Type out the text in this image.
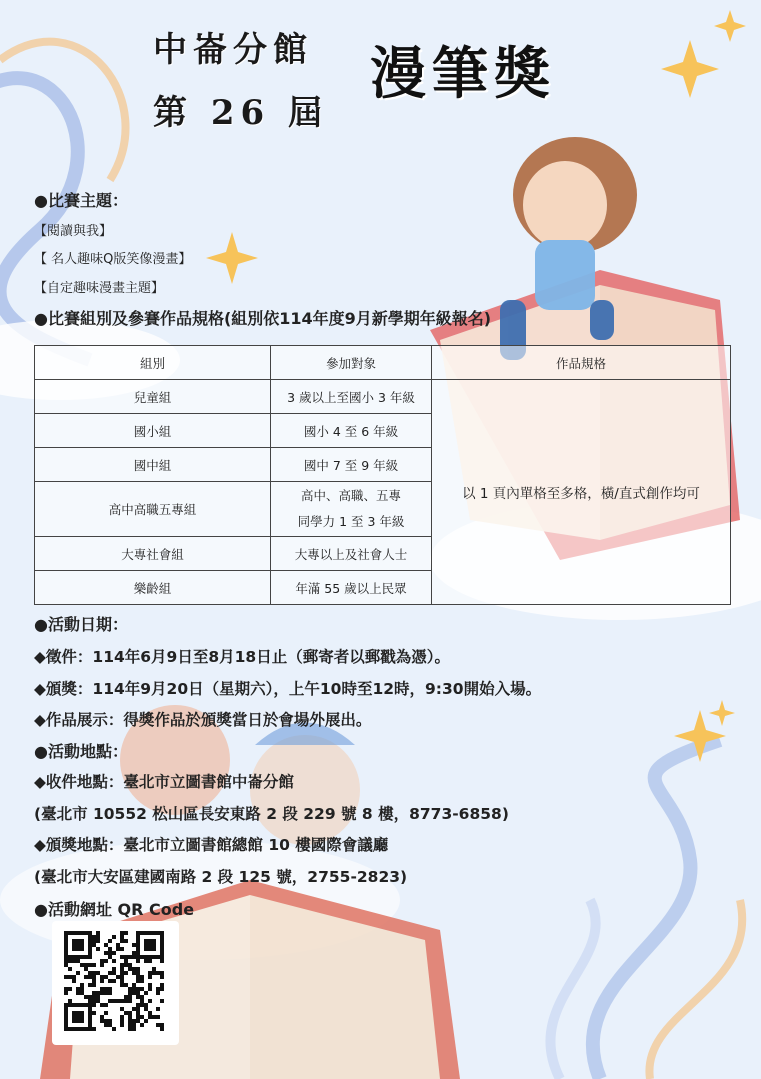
中崙分館
第 26 屆
漫筆獎
●比賽主題：
【閱讀與我】
【 名人趣味Q版笑像漫畫】
【自定趣味漫畫主題】
●比賽組別及參賽作品規格(組別依114年度9月新學期年級報名)
組別	參加對象	作品規格
兒童組	3 歲以上至國小 3 年級	以 1 頁內單格至多格，橫/直式創作均可
國小組	國小 4 至 6 年級	
國中組	國中 7 至 9 年級	
高中高職五專組	高中、高職、五專
同學力 1 至 3 年級	

大專社會組	大專以上及社會人士	
樂齡組	年滿 55 歲以上民眾	
●活動日期：
◆徵件：114年6月9日至8月18日止（郵寄者以郵戳為憑）。
◆頒獎：114年9月20日（星期六），上午10時至12時，9:30開始入場。
◆作品展示：得獎作品於頒獎當日於會場外展出。
●活動地點：
◆收件地點：臺北市立圖書館中崙分館
(臺北市 10552 松山區長安東路 2 段 229 號 8 樓，8773-6858)
◆頒獎地點：臺北市立圖書館總館 10 樓國際會議廳
(臺北市大安區建國南路 2 段 125 號，2755-2823)
●活動網址 QR Code
